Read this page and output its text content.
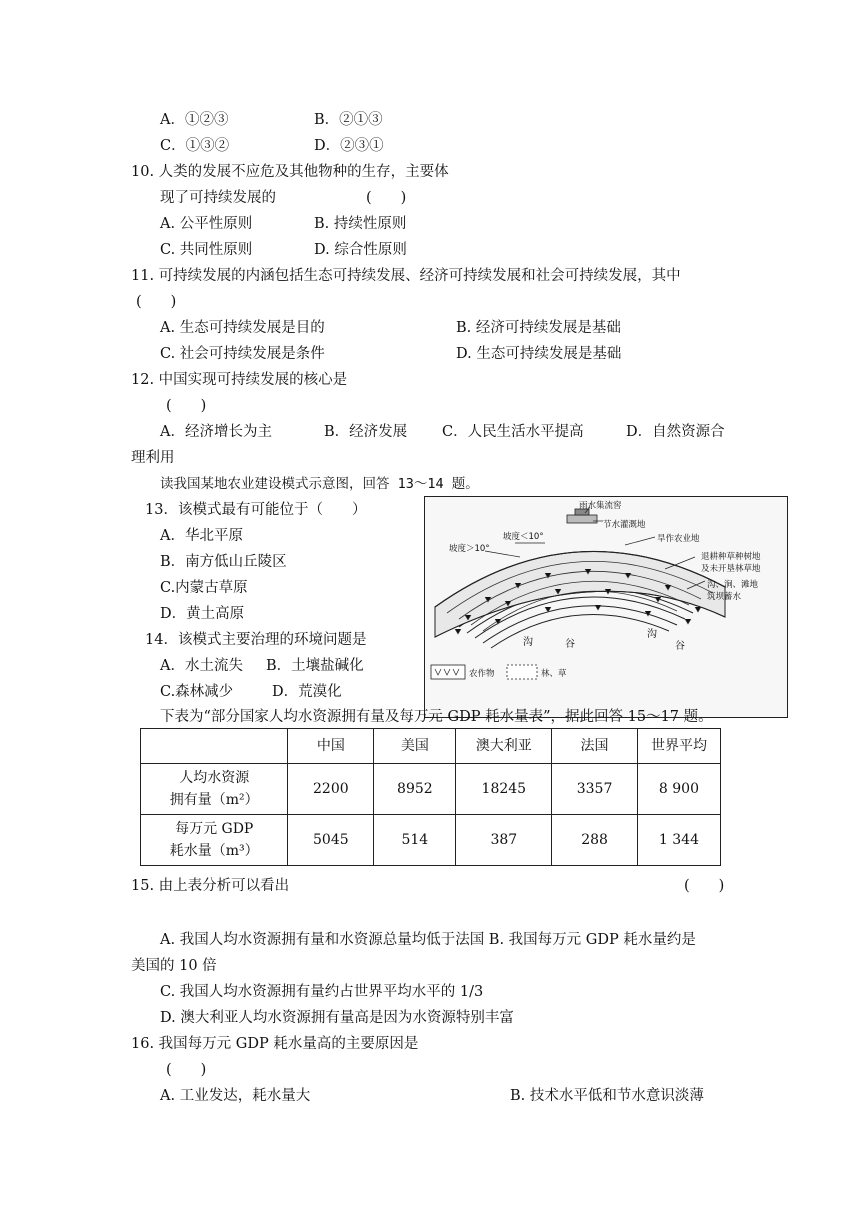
A．①②③	B．②①③
C．①③②	D．②③①
10. 人类的发展不应危及其他物种的生存，主要体
现了可持续发展的	(　　)
A. 公平性原则	B. 持续性原则
C. 共同性原则	D. 综合性原则
11. 可持续发展的内涵包括生态可持续发展、经济可持续发展和社会可持续发展，其中
(　　)
A. 生态可持续发展是目的	B. 经济可持续发展是基础
C. 社会可持续发展是条件	D. 生态可持续发展是基础
12. 中国实现可持续发展的核心是
(　　)
A．经济增长为主	B．经济发展 C．人民生活水平提高	D．自然资源合
理利用
读我国某地农业建设模式示意图，回答 13～14 题。
13．该模式最有可能位于（　　）
A．华北平原
B．南方低山丘陵区
C.内蒙古草原
D．黄土高原
14．该模式主要治理的环境问题是
A．水土流失 B．土壤盐碱化
C.森林减少	D．荒漠化
雨水集流窖
节水灌溉地
坡度＜10°
坡度＞10°
旱作农业地
退耕种草种树地
及未开垦林草地
沟、涧、滩地
筑坝蓄水
沟	谷
沟
谷
农作物	林、草
下表为“部分国家人均水资源拥有量及每万元 GDP 耗水量表”，据此回答 15～17 题。
	中国	美国	澳大利亚	法国	世界平均
人均水资源
拥有量（m²）	2200	8952	18245	3357	8 900
每万元 GDP
耗水量（m³）	5045	514	387	288	1 344
15. 由上表分析可以看出	(　　)
A. 我国人均水资源拥有量和水资源总量均低于法国 B. 我国每万元 GDP 耗水量约是
美国的 10 倍
C. 我国人均水资源拥有量约占世界平均水平的 1/3
D. 澳大利亚人均水资源拥有量高是因为水资源特别丰富
16. 我国每万元 GDP 耗水量高的主要原因是
(　　)
A. 工业发达，耗水量大	B. 技术水平低和节水意识淡薄
